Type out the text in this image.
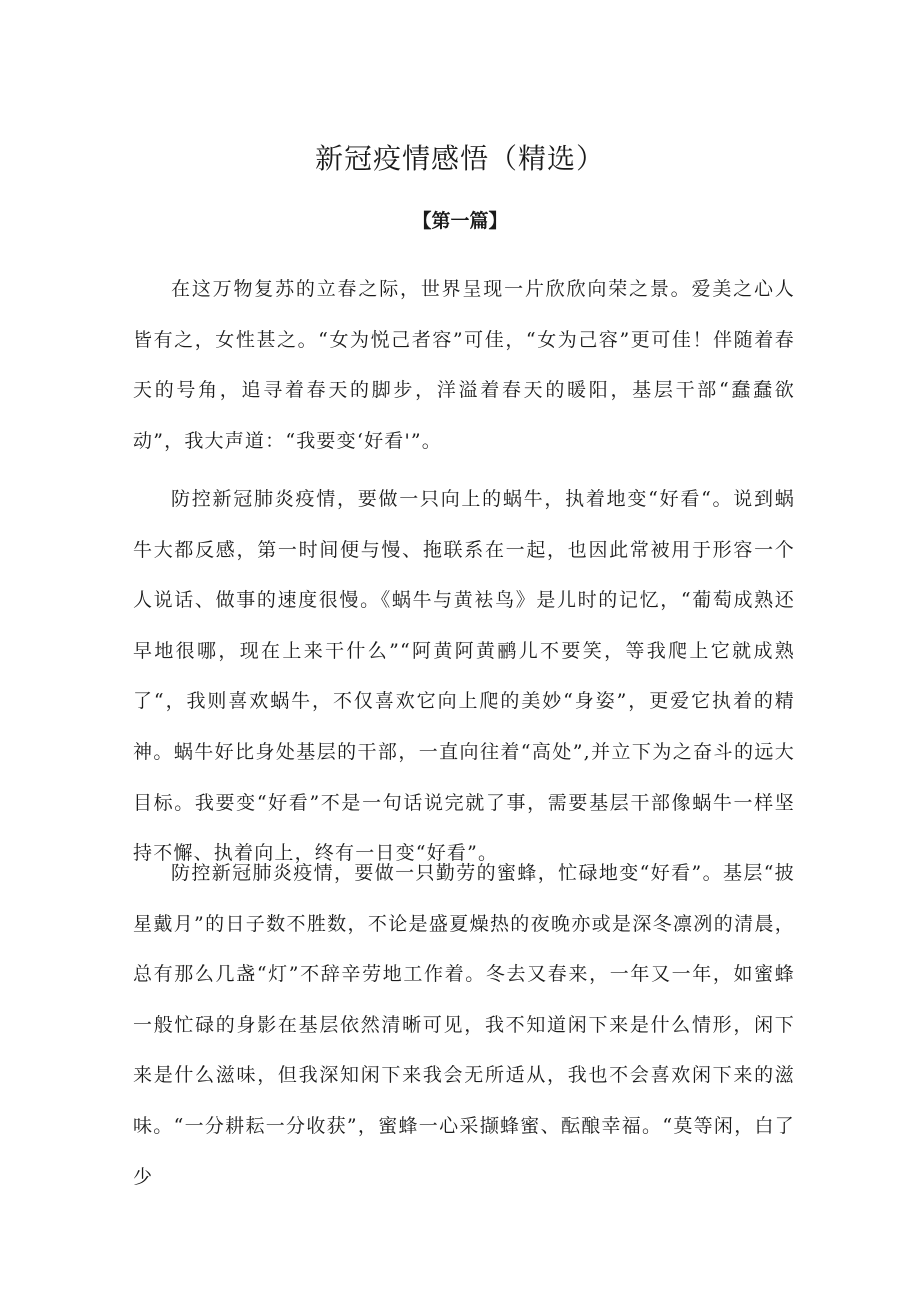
新冠疫情感悟（精选）
【第一篇】

在这万物复苏的立春之际，世界呈现一片欣欣向荣之景。爱美之心人皆有之，女性甚之。“女为悦己者容”可佳，“女为己容”更可佳！伴随着春天的号角，追寻着春天的脚步，洋溢着春天的暖阳，基层干部“蠢蠢欲动”，我大声道：“我要变‘好看'”。

防控新冠肺炎疫情，要做一只向上的蜗牛，执着地变“好看“。说到蜗牛大都反感，第一时间便与慢、拖联系在一起，也因此常被用于形容一个人说话、做事的速度很慢。《蜗牛与黄袪鸟》是儿时的记忆，“葡萄成熟还早地很哪，现在上来干什么”“阿黄阿黄鹂儿不要笑，等我爬上它就成熟了“，我则喜欢蜗牛，不仅喜欢它向上爬的美妙“身姿”，更爱它执着的精神。蜗牛好比身处基层的干部，一直向往着“高处”,并立下为之奋斗的远大目标。我要变“好看”不是一句话说完就了事，需要基层干部像蜗牛一样坚持不懈、执着向上，终有一日变“好看”。

防控新冠肺炎疫情，要做一只勤劳的蜜蜂，忙碌地变“好看”。基层“披星戴月”的日子数不胜数，不论是盛夏燥热的夜晚亦或是深冬凛冽的清晨，总有那么几盏“灯”不辞辛劳地工作着。冬去又春来，一年又一年，如蜜蜂一般忙碌的身影在基层依然清晰可见，我不知道闲下来是什么情形，闲下来是什么滋味，但我深知闲下来我会无所适从，我也不会喜欢闲下来的滋味。“一分耕耘一分收获”，蜜蜂一心采撷蜂蜜、酝酿幸福。“莫等闲，白了少
